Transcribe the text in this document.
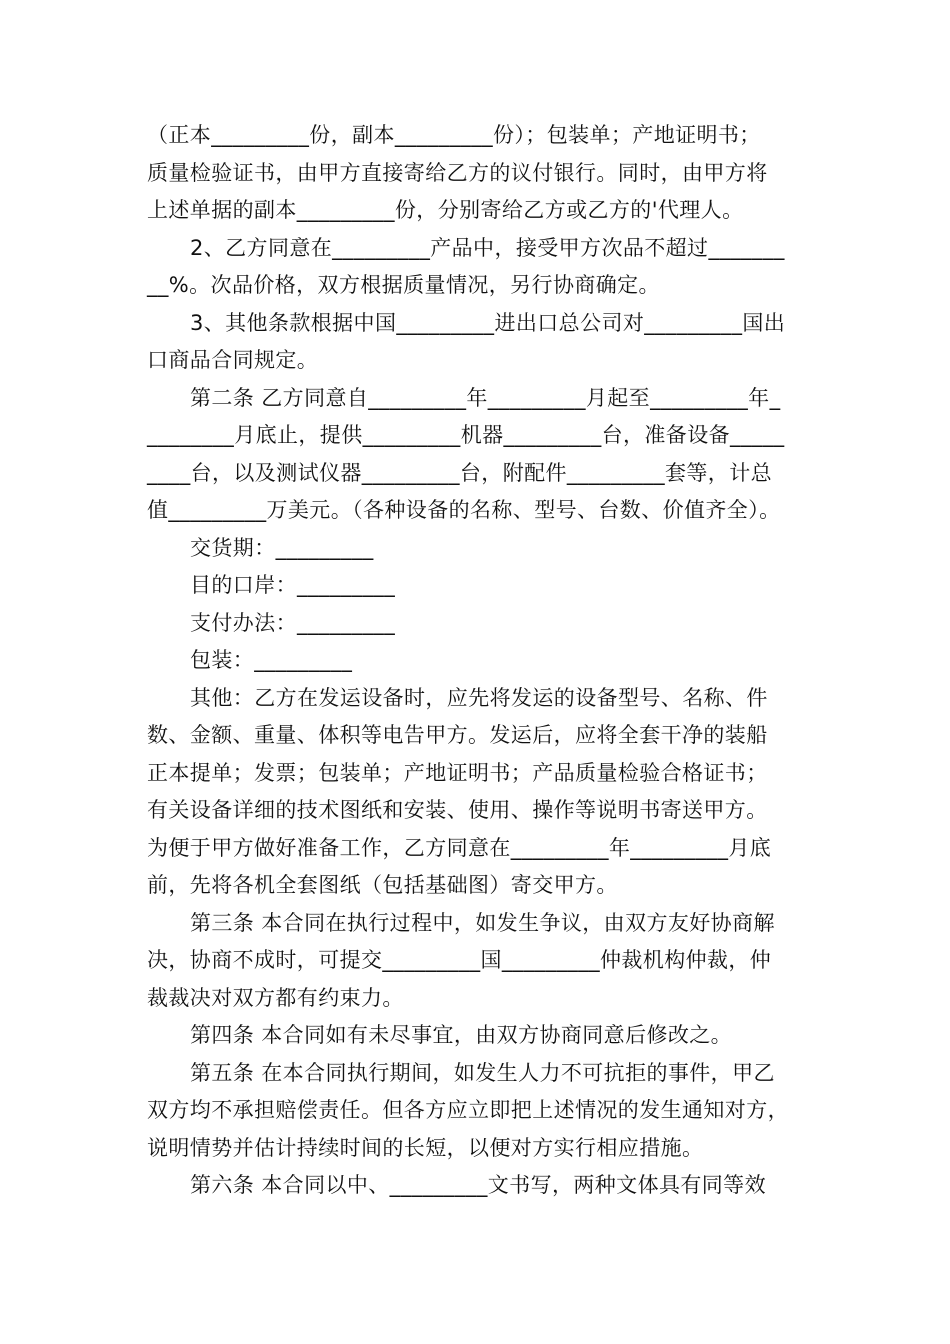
（正本_________份，副本_________份）；包装单；产地证明书；
质量检验证书，由甲方直接寄给乙方的议付银行。同时，由甲方将
上述单据的副本_________份，分别寄给乙方或乙方的'代理人。
2、乙方同意在_________产品中，接受甲方次品不超过_______
__%。次品价格，双方根据质量情况，另行协商确定。
3、其他条款根据中国_________进出口总公司对_________国出
口商品合同规定。
第二条 乙方同意自_________年_________月起至_________年_
________月底止，提供_________机器_________台，准备设备_____
____台，以及测试仪器_________台，附配件_________套等，计总
值_________万美元。（各种设备的名称、型号、台数、价值齐全）。
交货期：_________
目的口岸：_________
支付办法：_________
包装：_________
其他：乙方在发运设备时，应先将发运的设备型号、名称、件
数、金额、重量、体积等电告甲方。发运后，应将全套干净的装船
正本提单；发票；包装单；产地证明书；产品质量检验合格证书；
有关设备详细的技术图纸和安装、使用、操作等说明书寄送甲方。
为便于甲方做好准备工作，乙方同意在_________年_________月底
前，先将各机全套图纸（包括基础图）寄交甲方。
第三条 本合同在执行过程中，如发生争议，由双方友好协商解
决，协商不成时，可提交_________国_________仲裁机构仲裁，仲
裁裁决对双方都有约束力。
第四条 本合同如有未尽事宜，由双方协商同意后修改之。
第五条 在本合同执行期间，如发生人力不可抗拒的事件，甲乙
双方均不承担赔偿责任。但各方应立即把上述情况的发生通知对方，
说明情势并估计持续时间的长短，以便对方实行相应措施。
第六条 本合同以中、_________文书写，两种文体具有同等效
